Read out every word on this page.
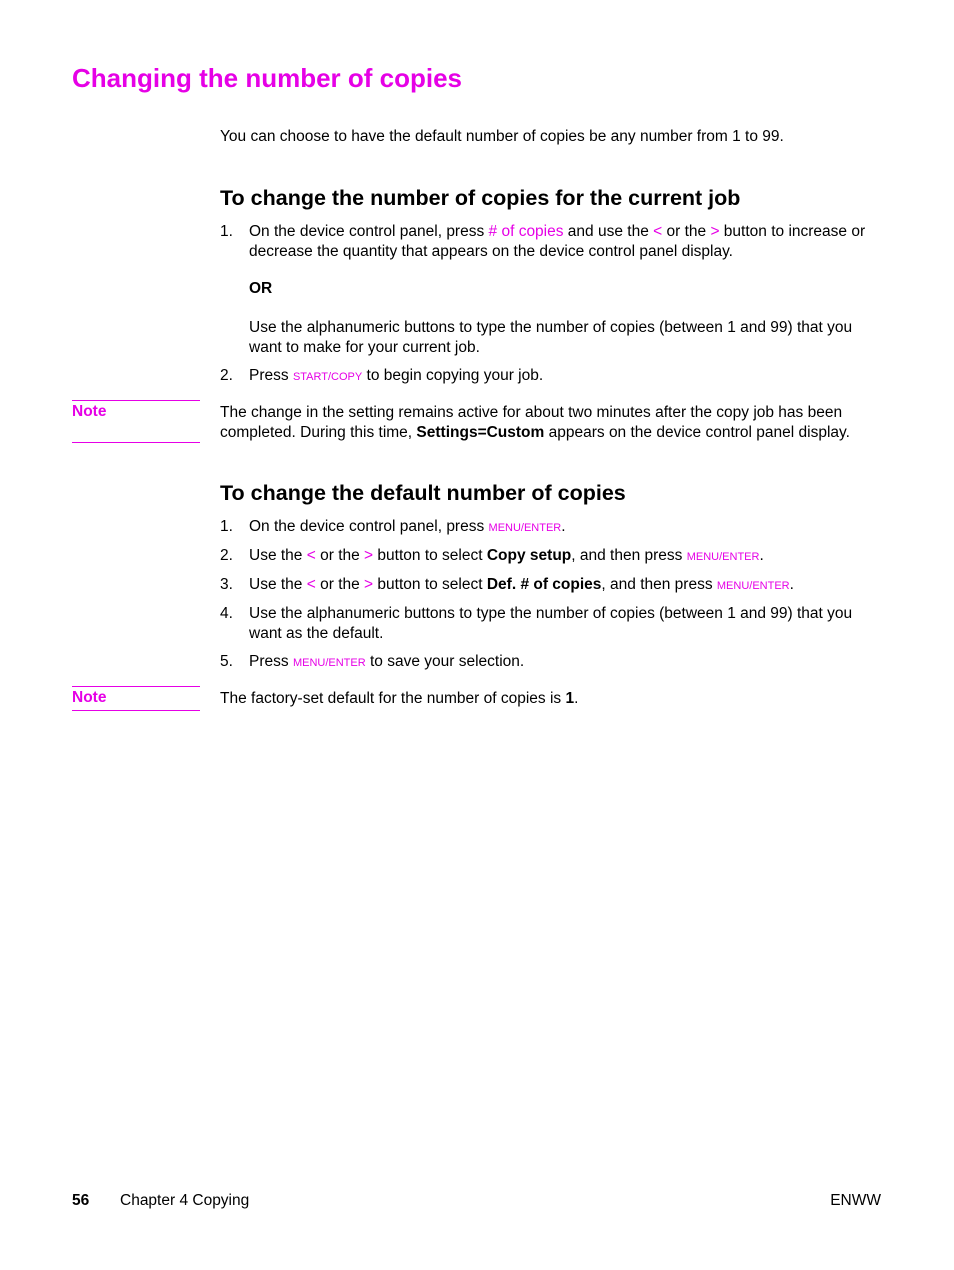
Changing the number of copies
You can choose to have the default number of copies be any number from 1 to 99.
To change the number of copies for the current job
1. On the device control panel, press # of copies and use the < or the > button to increase or decrease the quantity that appears on the device control panel display.
OR
Use the alphanumeric buttons to type the number of copies (between 1 and 99) that you want to make for your current job.
2. Press START/COPY to begin copying your job.
Note	The change in the setting remains active for about two minutes after the copy job has been completed. During this time, Settings=Custom appears on the device control panel display.
To change the default number of copies
1. On the device control panel, press MENU/ENTER.
2. Use the < or the > button to select Copy setup, and then press MENU/ENTER.
3. Use the < or the > button to select Def. # of copies, and then press MENU/ENTER.
4. Use the alphanumeric buttons to type the number of copies (between 1 and 99) that you want as the default.
5. Press MENU/ENTER to save your selection.
Note	The factory-set default for the number of copies is 1.
56 Chapter 4 Copying	ENWW
